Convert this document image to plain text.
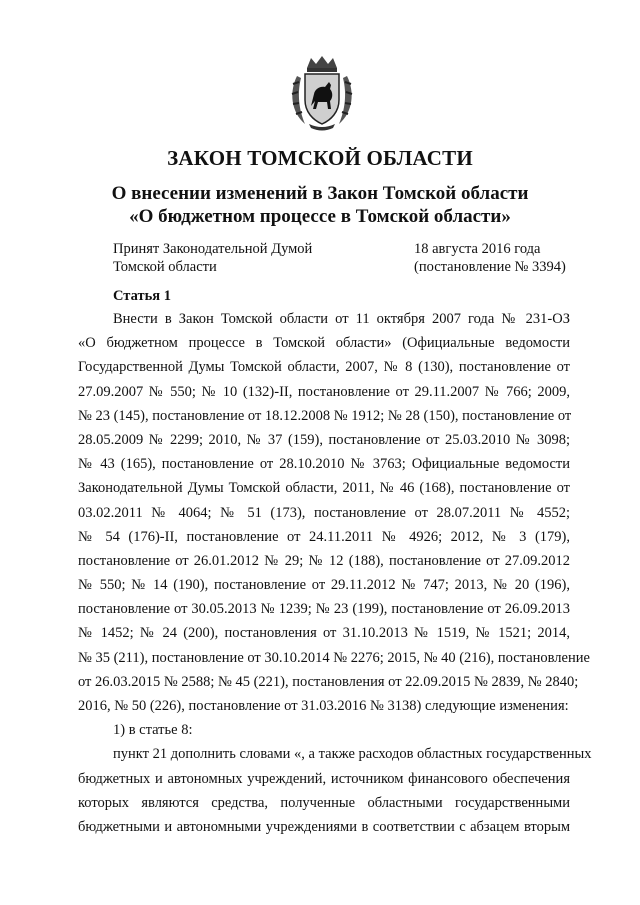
ЗАКОН ТОМСКОЙ ОБЛАСТИ
О внесении изменений в Закон Томской области
«О бюджетном процессе в Томской области»
Принят Законодательной Думой
Томской области
18 августа 2016 года
(постановление № 3394)
Статья 1
Внести в Закон Томской области от 11 октября 2007 года № 231-ОЗ
«О бюджетном процессе в Томской области» (Официальные ведомости
Государственной Думы Томской области, 2007, № 8 (130), постановление от
27.09.2007 № 550; № 10 (132)-II, постановление от 29.11.2007 № 766; 2009,
№ 23 (145), постановление от 18.12.2008 № 1912; № 28 (150), постановление от
28.05.2009 № 2299; 2010, № 37 (159), постановление от 25.03.2010 № 3098;
№ 43 (165), постановление от 28.10.2010 № 3763; Официальные ведомости
Законодательной Думы Томской области, 2011, № 46 (168), постановление от
03.02.2011 № 4064; № 51 (173), постановление от 28.07.2011 № 4552;
№ 54 (176)-II, постановление от 24.11.2011 № 4926; 2012, № 3 (179),
постановление от 26.01.2012 № 29; № 12 (188), постановление от 27.09.2012
№ 550; № 14 (190), постановление от 29.11.2012 № 747; 2013, № 20 (196),
постановление от 30.05.2013 № 1239; № 23 (199), постановление от 26.09.2013
№ 1452; № 24 (200), постановления от 31.10.2013 № 1519, № 1521; 2014,
№ 35 (211), постановление от 30.10.2014 № 2276; 2015, № 40 (216), постановление
от 26.03.2015 № 2588; № 45 (221), постановления от 22.09.2015 № 2839, № 2840;
2016, № 50 (226), постановление от 31.03.2016 № 3138) следующие изменения:
1) в статье 8:
пункт 21 дополнить словами «, а также расходов областных государственных
бюджетных и автономных учреждений, источником финансового обеспечения
которых являются средства, полученные областными государственными
бюджетными и автономными учреждениями в соответствии с абзацем вторым
